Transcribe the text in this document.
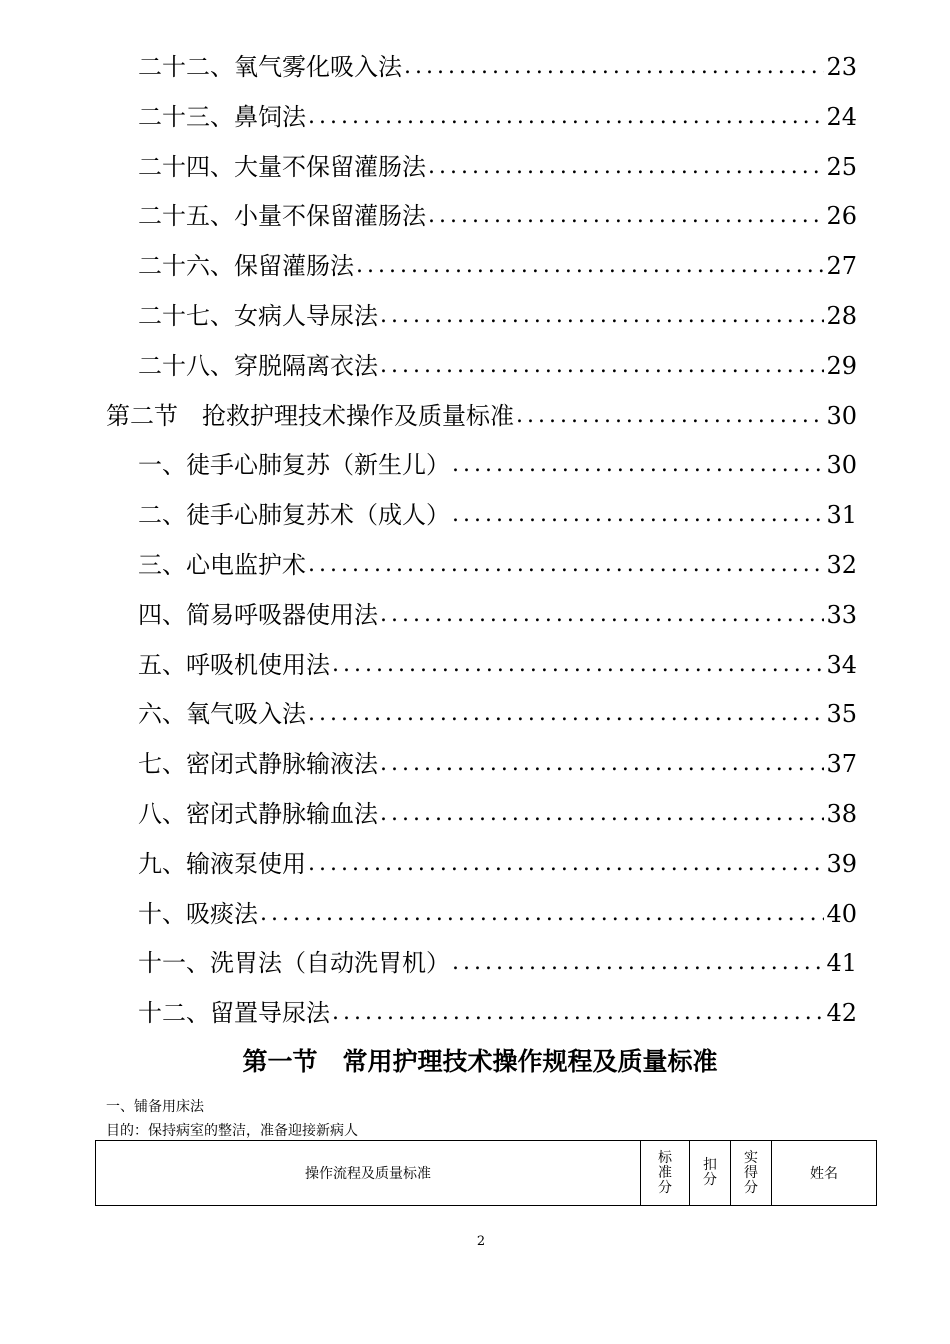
二十二、氧气雾化吸入法 .....	23
二十三、鼻饲法 .....	24
二十四、大量不保留灌肠法 .....	25
二十五、小量不保留灌肠法 .....	26
二十六、保留灌肠法 .....	27
二十七、女病人导尿法 .....	28
二十八、穿脱隔离衣法 .....	29
第二节　抢救护理技术操作及质量标准 .....	30
一、徒手心肺复苏（新生儿） .....	30
二、徒手心肺复苏术（成人） .....	31
三、心电监护术 .....	32
四、简易呼吸器使用法 .....	33
五、呼吸机使用法 .....	34
六、氧气吸入法 .....	35
七、密闭式静脉输液法 .....	37
八、密闭式静脉输血法 .....	38
九、输液泵使用 .....	39
十、吸痰法 .....	40
十一、洗胃法（自动洗胃机） .....	41
十二、留置导尿法 .....	42
第一节　常用护理技术操作规程及质量标准
一、铺备用床法
目的：保持病室的整洁，准备迎接新病人
操作流程及质量标准	标
准
分	扣
分	实
得
分	姓名
2
